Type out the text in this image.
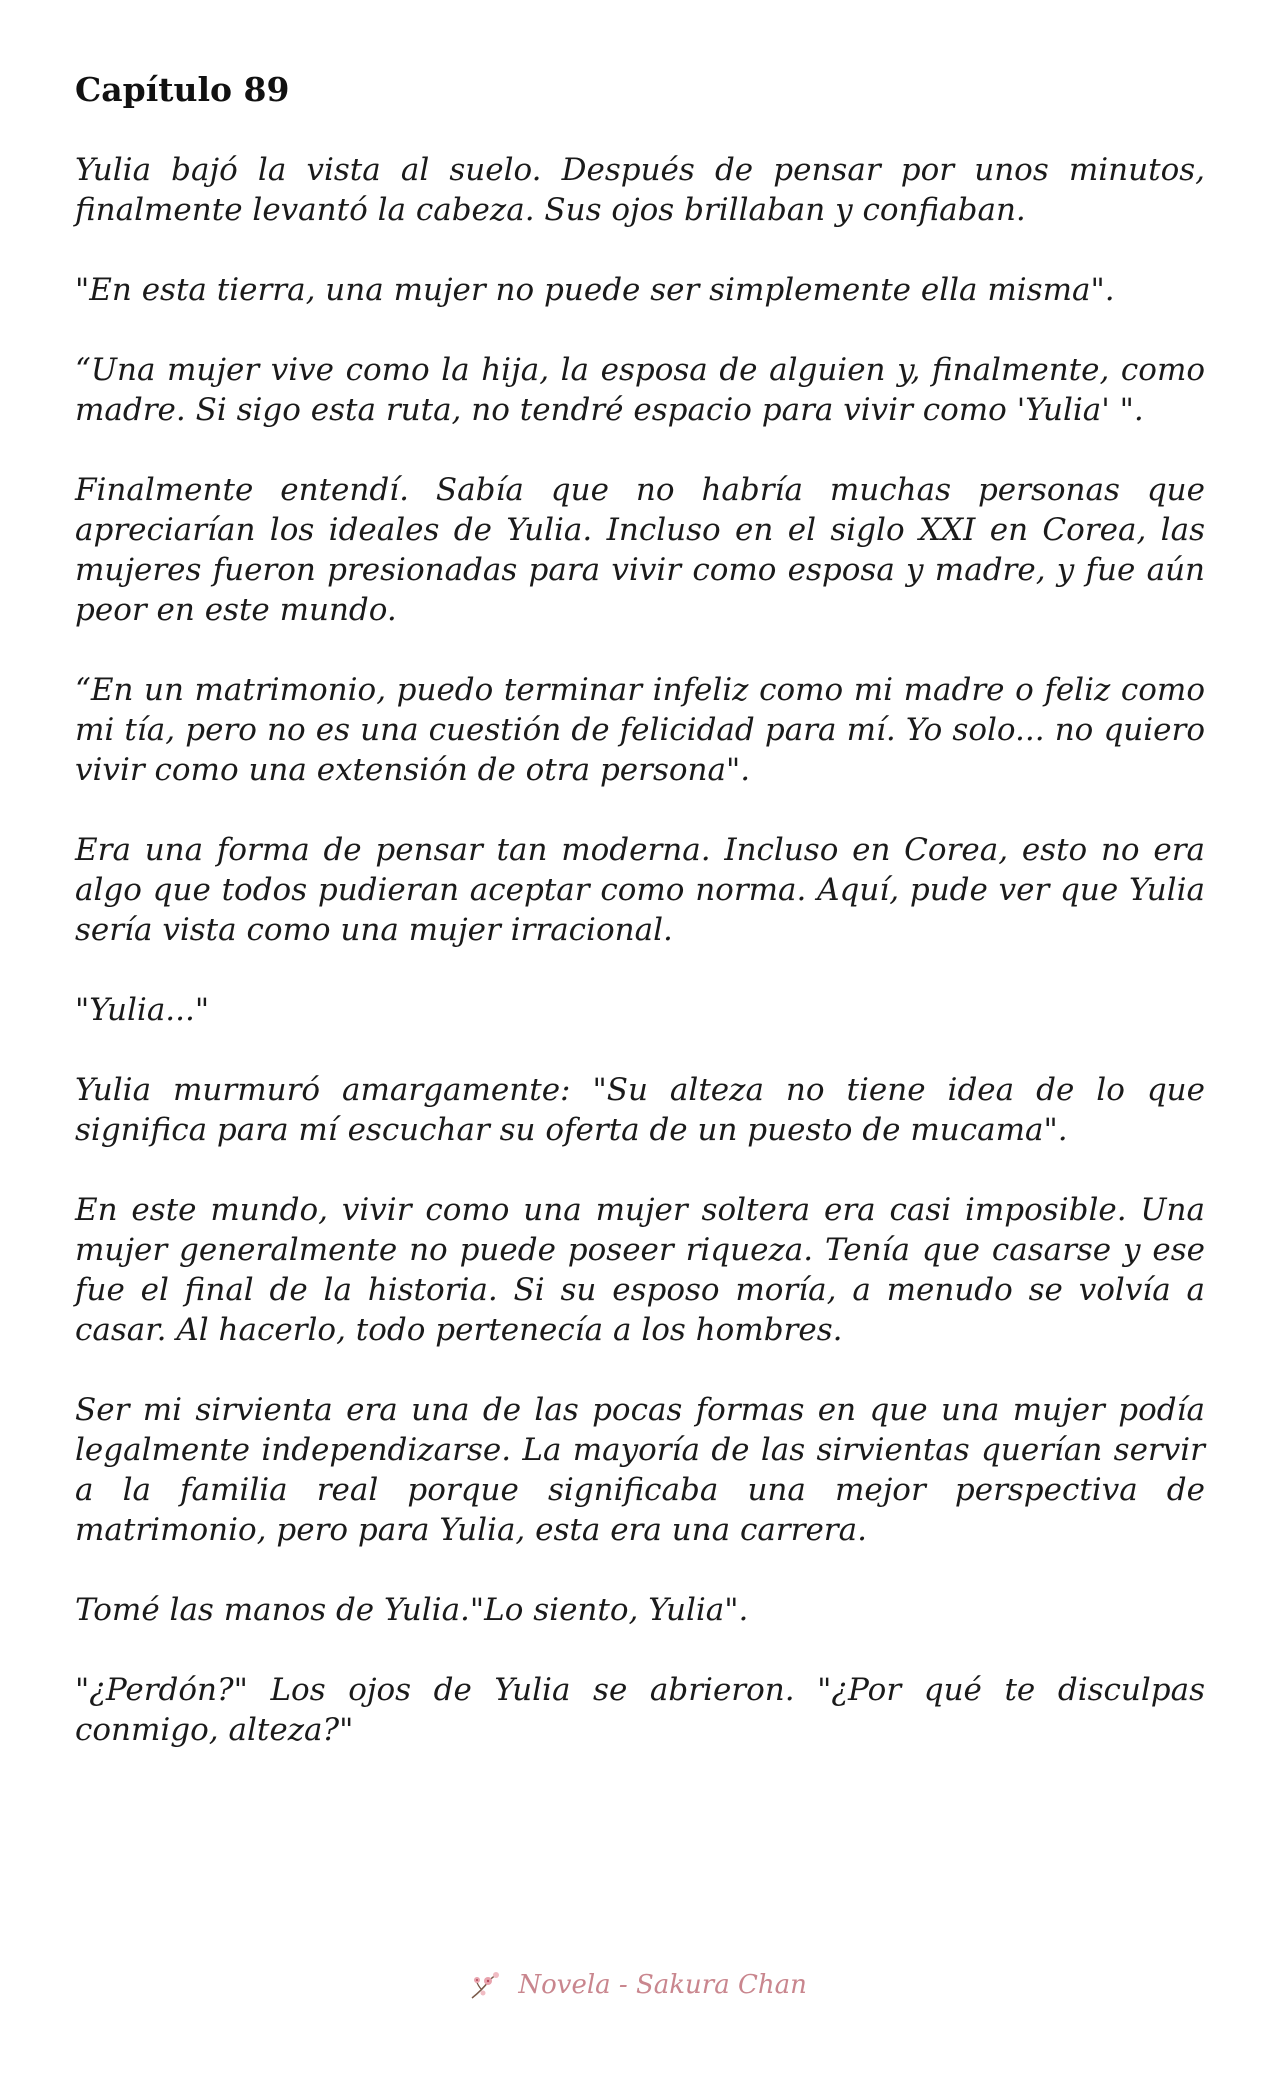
Capítulo 89

Yulia bajó la vista al suelo. Después de pensar por unos minutos, finalmente levantó la cabeza. Sus ojos brillaban y confiaban.

"En esta tierra, una mujer no puede ser simplemente ella misma".

“Una mujer vive como la hija, la esposa de alguien y, finalmente, como madre. Si sigo esta ruta, no tendré espacio para vivir como 'Yulia' ".

Finalmente entendí. Sabía que no habría muchas personas que apreciarían los ideales de Yulia. Incluso en el siglo XXI en Corea, las mujeres fueron presionadas para vivir como esposa y madre, y fue aún peor en este mundo.

“En un matrimonio, puedo terminar infeliz como mi madre o feliz como mi tía, pero no es una cuestión de felicidad para mí. Yo solo... no quiero vivir como una extensión de otra persona".

Era una forma de pensar tan moderna. Incluso en Corea, esto no era algo que todos pudieran aceptar como norma. Aquí, pude ver que Yulia sería vista como una mujer irracional.

"Yulia..."

Yulia murmuró amargamente: "Su alteza no tiene idea de lo que significa para mí escuchar su oferta de un puesto de mucama".

En este mundo, vivir como una mujer soltera era casi imposible. Una mujer generalmente no puede poseer riqueza. Tenía que casarse y ese fue el final de la historia. Si su esposo moría, a menudo se volvía a casar. Al hacerlo, todo pertenecía a los hombres.

Ser mi sirvienta era una de las pocas formas en que una mujer podía legalmente independizarse. La mayoría de las sirvientas querían servir a la familia real porque significaba una mejor perspectiva de matrimonio, pero para Yulia, esta era una carrera.

Tomé las manos de Yulia."Lo siento, Yulia".

"¿Perdón?" Los ojos de Yulia se abrieron. "¿Por qué te disculpas conmigo, alteza?"

Novela - Sakura Chan
